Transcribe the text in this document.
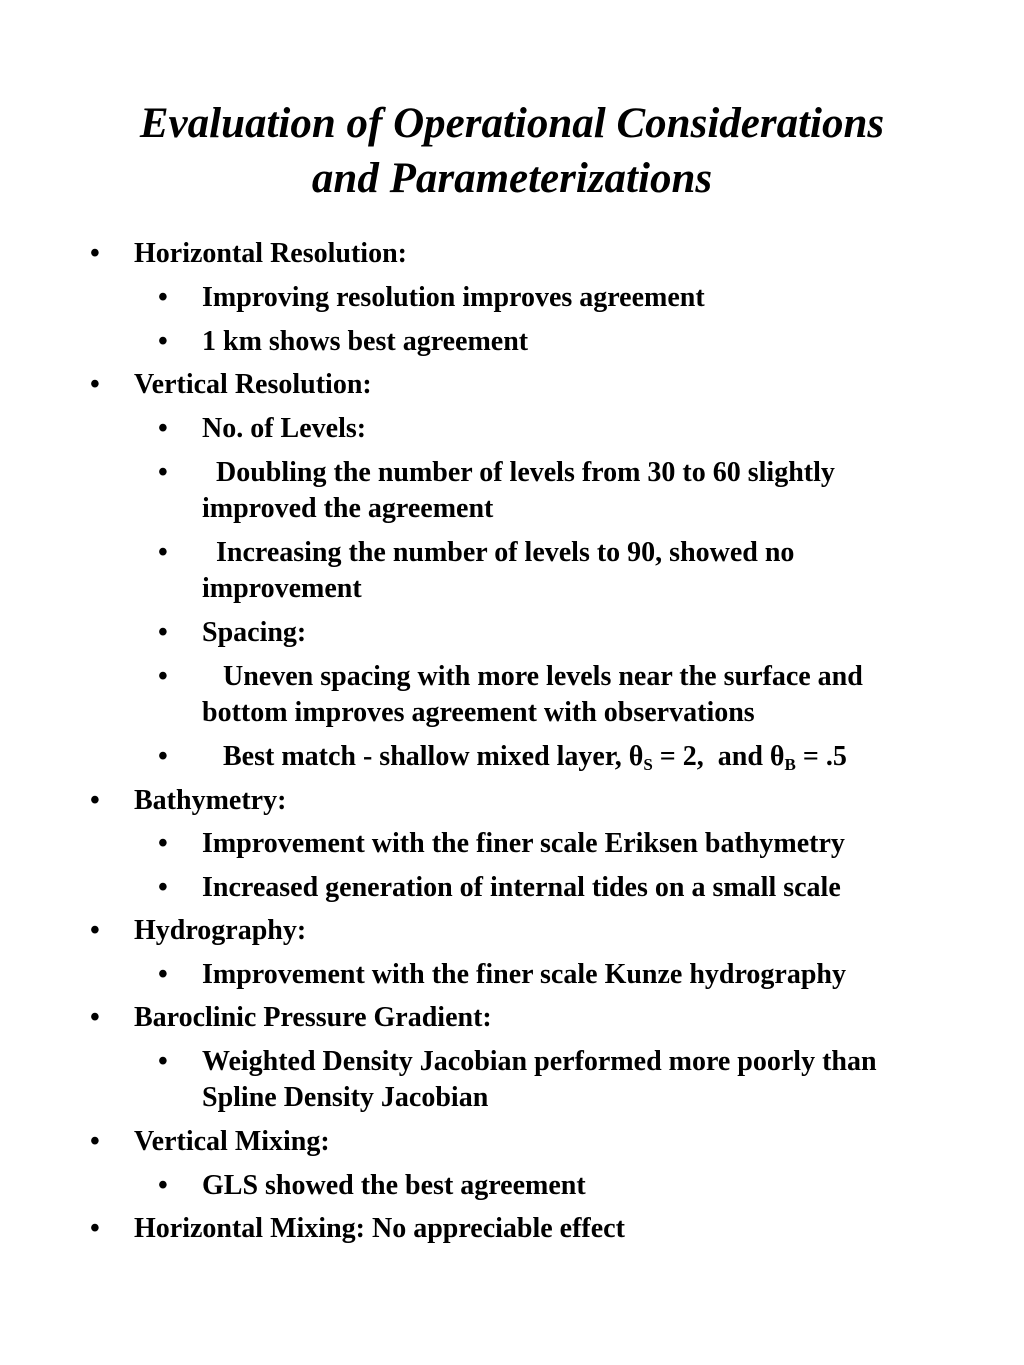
Evaluation of Operational Considerations
and Parameterizations
• Horizontal Resolution:
• Improving resolution improves agreement
• 1 km shows best agreement
• Vertical Resolution:
• No. of Levels:
• Doubling the number of levels from 30 to 60 slightly
improved the agreement
• Increasing the number of levels to 90, showed no
improvement
• Spacing:
• Uneven spacing with more levels near the surface and
bottom improves agreement with observations
• Best match - shallow mixed layer, $\theta_S = 2$,  and $\theta_B = .5$
• Bathymetry:
• Improvement with the finer scale Eriksen bathymetry
• Increased generation of internal tides on a small scale
• Hydrography:
• Improvement with the finer scale Kunze hydrography
• Baroclinic Pressure Gradient:
• Weighted Density Jacobian performed more poorly than
Spline Density Jacobian
• Vertical Mixing:
• GLS showed the best agreement
• Horizontal Mixing: No appreciable effect
